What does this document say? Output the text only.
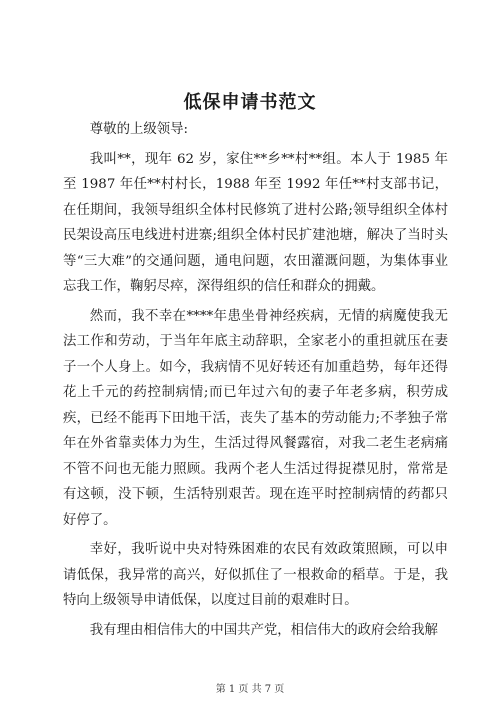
低保申请书范文

尊敬的上级领导:

我叫**，现年 62 岁，家住**乡**村**组。本人于 1985 年至 1987 年任**村村长，1988 年至 1992 年任**村支部书记，在任期间，我领导组织全体村民修筑了进村公路;领导组织全体村民架设高压电线进村进寨;组织全体村民扩建池塘，解决了当时头等“三大难”的交通问题，通电问题，农田灌溉问题，为集体事业忘我工作，鞠躬尽瘁，深得组织的信任和群众的拥戴。

然而，我不幸在****年患坐骨神经疾病，无情的病魔使我无法工作和劳动，于当年年底主动辞职，全家老小的重担就压在妻子一个人身上。如今，我病情不见好转还有加重趋势，每年还得花上千元的药控制病情;而已年过六旬的妻子年老多病，积劳成疾，已经不能再下田地干活，丧失了基本的劳动能力;不孝独子常年在外省靠卖体力为生，生活过得风餐露宿，对我二老生老病痛不管不问也无能力照顾。我两个老人生活过得捉襟见肘，常常是有这顿，没下顿，生活特别艰苦。现在连平时控制病情的药都只好停了。

幸好，我听说中央对特殊困难的农民有效政策照顾，可以申请低保，我异常的高兴，好似抓住了一根救命的稻草。于是，我特向上级领导申请低保，以度过目前的艰难时日。

我有理由相信伟大的中国共产党，相信伟大的政府会给我解

第 1 页 共 7 页
